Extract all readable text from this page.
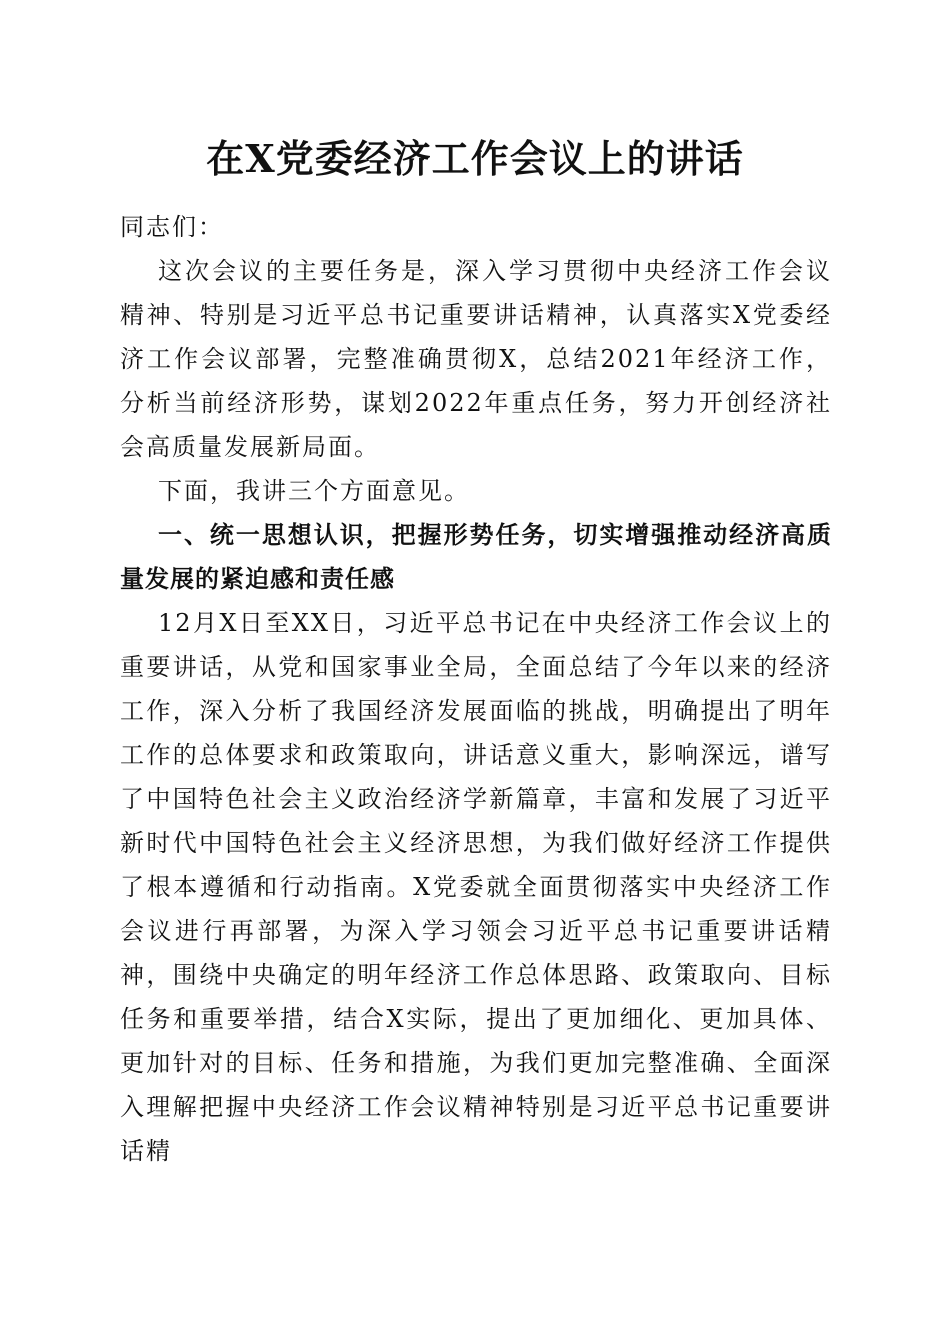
在X党委经济工作会议上的讲话

同志们：

这次会议的主要任务是，深入学习贯彻中央经济工作会议精神、特别是习近平总书记重要讲话精神，认真落实X党委经济工作会议部署，完整准确贯彻X，总结2021年经济工作，分析当前经济形势，谋划2022年重点任务，努力开创经济社会高质量发展新局面。

下面，我讲三个方面意见。

一、统一思想认识，把握形势任务，切实增强推动经济高质量发展的紧迫感和责任感

12月X日至XX日，习近平总书记在中央经济工作会议上的重要讲话，从党和国家事业全局，全面总结了今年以来的经济工作，深入分析了我国经济发展面临的挑战，明确提出了明年工作的总体要求和政策取向，讲话意义重大，影响深远，谱写了中国特色社会主义政治经济学新篇章，丰富和发展了习近平新时代中国特色社会主义经济思想，为我们做好经济工作提供了根本遵循和行动指南。X党委就全面贯彻落实中央经济工作会议进行再部署，为深入学习领会习近平总书记重要讲话精神，围绕中央确定的明年经济工作总体思路、政策取向、目标任务和重要举措，结合X实际，提出了更加细化、更加具体、更加针对的目标、任务和措施，为我们更加完整准确、全面深入理解把握中央经济工作会议精神特别是习近平总书记重要讲话精
